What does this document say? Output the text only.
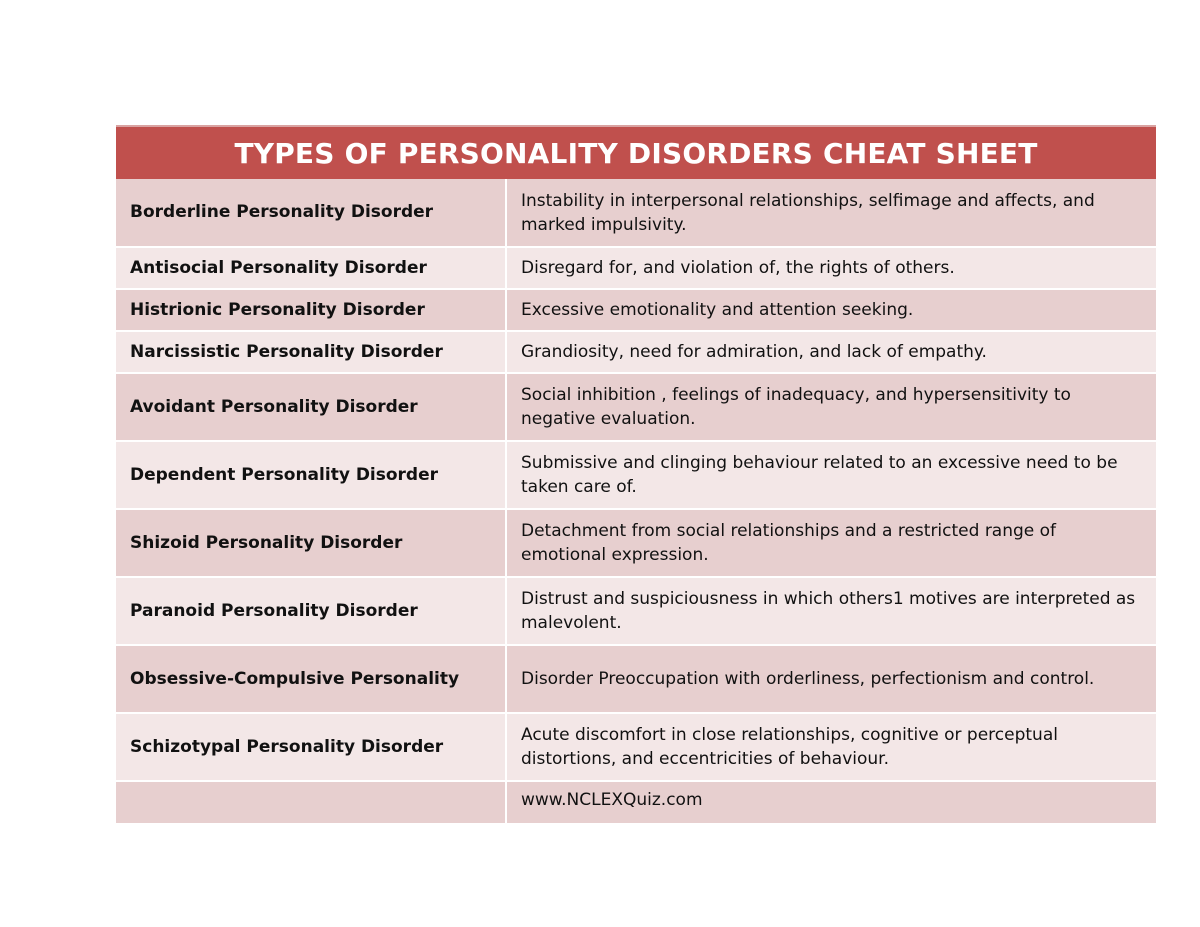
TYPES OF PERSONALITY DISORDERS CHEAT SHEET
Borderline Personality Disorder	Instability in interpersonal relationships, selfimage and affects, and marked impulsivity.
Antisocial Personality Disorder	Disregard for, and violation of, the rights of others.
Histrionic Personality Disorder	Excessive emotionality and attention seeking.
Narcissistic Personality Disorder	Grandiosity, need for admiration, and lack of empathy.
Avoidant Personality Disorder	Social inhibition , feelings of inadequacy, and hypersensitivity to negative evaluation.
Dependent Personality Disorder	Submissive and clinging behaviour related to an excessive need to be taken care of.
Shizoid Personality Disorder	Detachment from social relationships and a restricted range of emotional expression.
Paranoid Personality Disorder	Distrust and suspiciousness in which others1 motives are interpreted as malevolent.
Obsessive-Compulsive Personality	Disorder Preoccupation with orderliness, perfectionism and control.
Schizotypal Personality Disorder	Acute discomfort in close relationships, cognitive or perceptual distortions, and eccentricities of behaviour.
	www.NCLEXQuiz.com
